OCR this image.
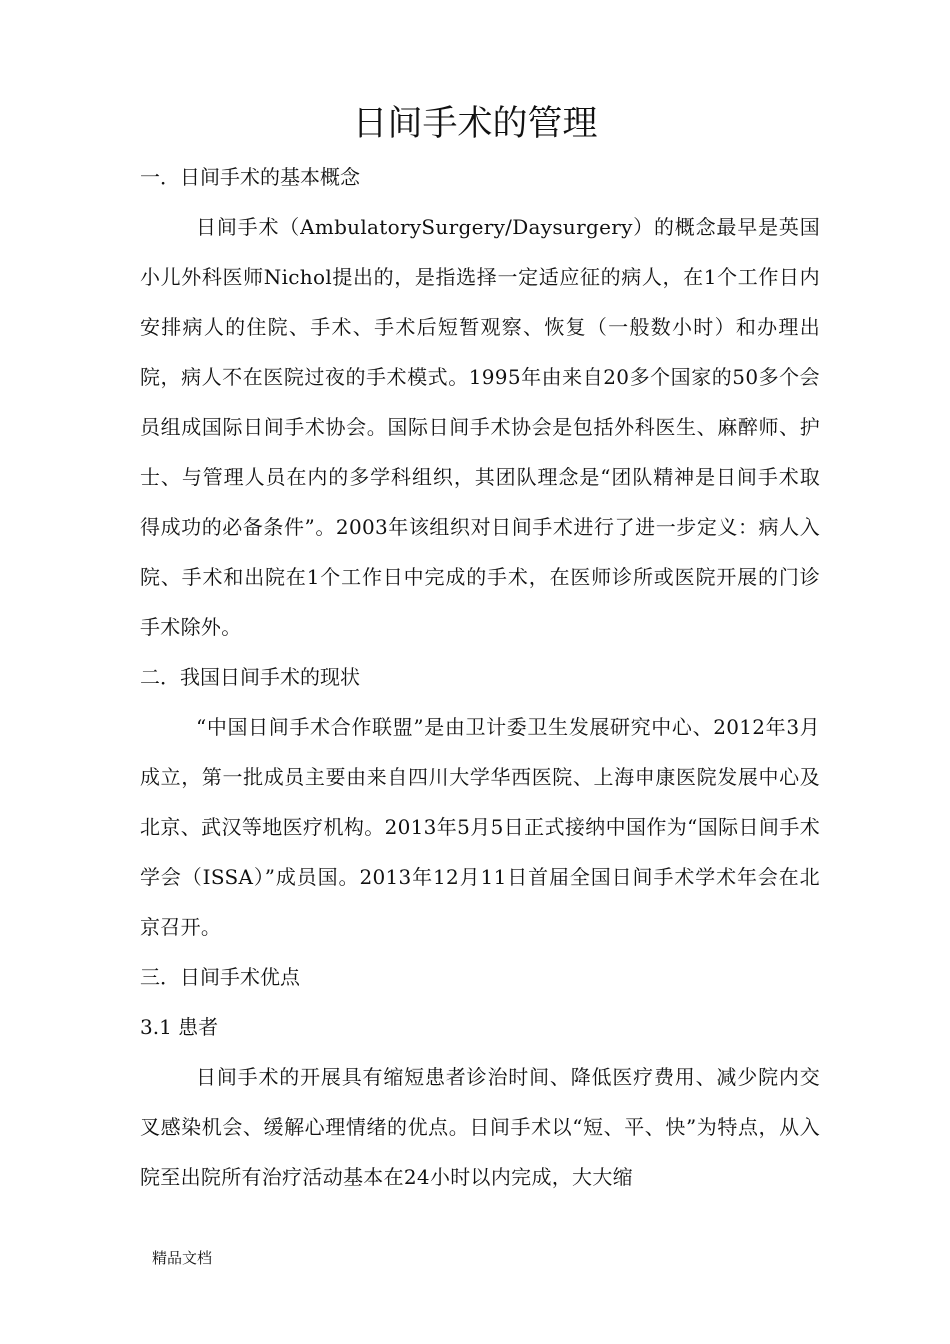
日间手术的管理
一．日间手术的基本概念

日间手术（AmbulatorySurgery/Daysurgery）的概念最早是英国小儿外科医师Nichol提出的，是指选择一定适应征的病人，在1个工作日内安排病人的住院、手术、手术后短暂观察、恢复（一般数小时）和办理出院，病人不在医院过夜的手术模式。1995年由来自20多个国家的50多个会员组成国际日间手术协会。国际日间手术协会是包括外科医生、麻醉师、护士、与管理人员在内的多学科组织，其团队理念是“团队精神是日间手术取得成功的必备条件”。2003年该组织对日间手术进行了进一步定义：病人入院、手术和出院在1个工作日中完成的手术，在医师诊所或医院开展的门诊手术除外。

二．我国日间手术的现状

“中国日间手术合作联盟”是由卫计委卫生发展研究中心、2012年3月成立，第一批成员主要由来自四川大学华西医院、上海申康医院发展中心及北京、武汉等地医疗机构。2013年5月5日正式接纳中国作为“国际日间手术学会（ISSA）”成员国。2013年12月11日首届全国日间手术学术年会在北京召开。

三．日间手术优点
3.1 患者

日间手术的开展具有缩短患者诊治时间、降低医疗费用、减少院内交叉感染机会、缓解心理情绪的优点。日间手术以“短、平、快”为特点，从入院至出院所有治疗活动基本在24小时以内完成，大大缩

精品文档
